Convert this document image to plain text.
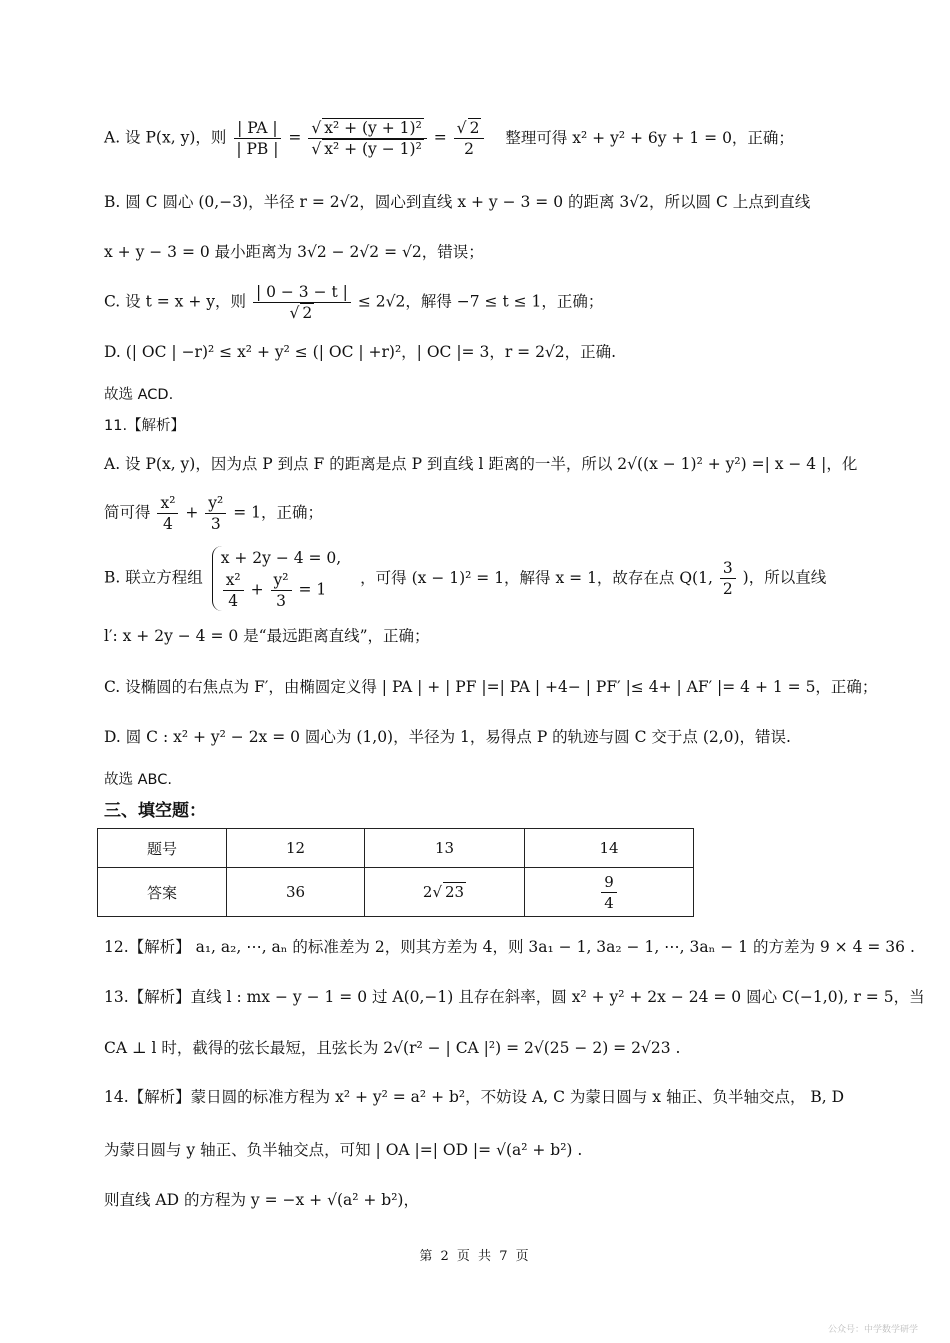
A. 设 P(x, y)，则 $\frac{| PA |}{| PB |} = \frac{\text{√ x² + (y + 1)²}}{\text{√ x² + (y − 1)²}} = \frac{√ 2}{2}$ 整理可得 x² + y² + 6y + 1 = 0，正确；
B. 圆 C 圆心 (0,−3)，半径 r = 2√2，圆心到直线 x + y − 3 = 0 的距离 3√2，所以圆 C 上点到直线
x + y − 3 = 0 最小距离为 3√2 − 2√2 = √2，错误；
C. 设 t = x + y，则 $\frac{| 0 - 3 - t |}{√ 2} \le 2√2$，解得 −7 ≤ t ≤ 1，正确；
D. (| OC | −r)² ≤ x² + y² ≤ (| OC | +r)²，| OC |= 3，r = 2√2，正确.
故选 ACD.
11.【解析】
A. 设 P(x, y)，因为点 P 到点 F 的距离是点 P 到直线 l 距离的一半，所以 2√((x − 1)² + y²) =| x − 4 |，化
简可得 $\frac{\text{x²}}{4} + \frac{\text{y²}}{3} = 1$，正确；
B. 联立方程组
x + 2y − 4 = 0,
$\frac{\text{x²}}{4} + \frac{\text{y²}}{3} = 1$
，可得 (x − 1)² = 1，解得 x = 1，故存在点 Q(1, $\frac{3}{2}$ )，所以直线
l′: x + 2y − 4 = 0 是“最远距离直线”，正确；
C. 设椭圆的右焦点为 F′，由椭圆定义得 | PA | + | PF |=| PA | +4− | PF′ |≤ 4+ | AF′ |= 4 + 1 = 5，正确；
D. 圆 C : x² + y² − 2x = 0 圆心为 (1,0)，半径为 1，易得点 P 的轨迹与圆 C 交于点 (2,0)，错误.
故选 ABC.
三、填空题：
题号	12	13	14
答案	36	2√ 23	$\frac{9}{4}$
12.【解析】 a₁, a₂, ⋯, aₙ 的标准差为 2，则其方差为 4，则 3a₁ − 1, 3a₂ − 1, ⋯, 3aₙ − 1 的方差为 9 × 4 = 36 .
13.【解析】直线 l : mx − y − 1 = 0 过 A(0,−1) 且存在斜率，圆 x² + y² + 2x − 24 = 0 圆心 C(−1,0), r = 5，当
CA ⊥ l 时，截得的弦长最短，且弦长为 2√(r² − | CA |²) = 2√(25 − 2) = 2√23 .
14.【解析】蒙日圆的标准方程为 x² + y² = a² + b²，不妨设 A, C 为蒙日圆与 x 轴正、负半轴交点， B, D
为蒙日圆与 y 轴正、负半轴交点，可知 | OA |=| OD |= √(a² + b²) .
则直线 AD 的方程为 y = −x + √(a² + b²)，
第 2 页 共 7 页
公众号：中学数学研学
